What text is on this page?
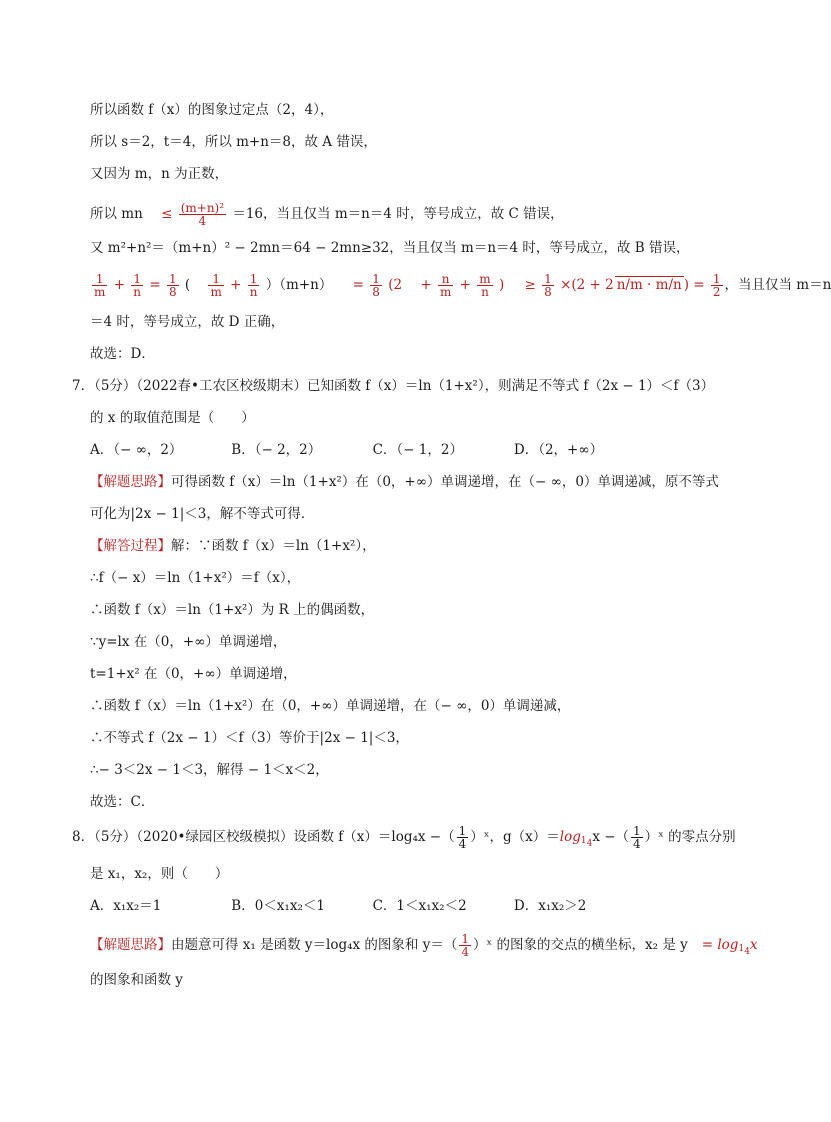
所以函数 f（x）的图象过定点（2，4），
所以 s＝2，t＝4，所以 m+n＝8，故 A 错误，
又因为 m，n 为正数，
所以 mn ≤ $\frac{\text{(m+n)²}}{4} =16$，当且仅当 m＝n＝4 时，等号成立，故 C 错误，
又 m²+n²＝（m+n）² − 2mn＝64 − 2mn≥32，当且仅当 m＝n＝4 时，等号成立，故 B 错误，
$\frac{1}{m} + \frac{1}{n} = \frac{1}{8}$ ( $\frac{1}{m} + \frac{1}{n} )(m+n) = \frac{1}{8} (2 + \frac{n}{m} + \frac{m}{n}$ ) ≥ $\frac{1}{8} \times(2 + 2$ n/m · m/n ) = $\frac{1}{2}$ ，当且仅当 m＝n
＝4 时，等号成立，故 D 正确，
故选：D．
7．（5分）（2022春•工农区校级期末）已知函数 f（x）＝ln（1+x²），则满足不等式 f（2x − 1）＜f（3）
的 x 的取值范围是（　　）
A．（− ∞，2）	B．（− 2，2）	C．（− 1，2）	D．（2，+∞）
【解题思路】可得函数 f（x）＝ln（1+x²）在（0，+∞）单调递增，在（− ∞，0）单调递减，原不等式
可化为|2x − 1|＜3，解不等式可得．
【解答过程】解：∵函数 f（x）＝ln（1+x²），
∴f（− x）＝ln（1+x²）＝f（x），
∴函数 f（x）＝ln（1+x²）为 R 上的偶函数，
∵y=lx 在（0，+∞）单调递增，
t=1+x² 在（0，+∞）单调递增，
∴函数 f（x）＝ln（1+x²）在（0，+∞）单调递增，在（− ∞，0）单调递减，
∴不等式 f（2x − 1）＜f（3）等价于|2x − 1|＜3，
∴− 3＜2x − 1＜3，解得 − 1＜x＜2，
故选：C．
8．（5分）（2020•绿园区校级模拟）设函数 f（x）＝log₄x −（ $\frac{1}{4}$ ）ˣ，$g(x)=\log_{14}x$ −（ $\frac{1}{4}$ ）ˣ 的零点分别
是 x₁，x₂，则（　　）
A．x₁x₂＝1	B．0＜x₁x₂＜1	C．1＜x₁x₂＜2	D．x₁x₂＞2
【解题思路】由题意可得 x₁ 是函数 y＝log₄x 的图象和 $y=( \frac{1}{4}$ ）ˣ 的图象的交点的横坐标，x₂ 是 $y = \log_{14}x$
的图象和函数 y
